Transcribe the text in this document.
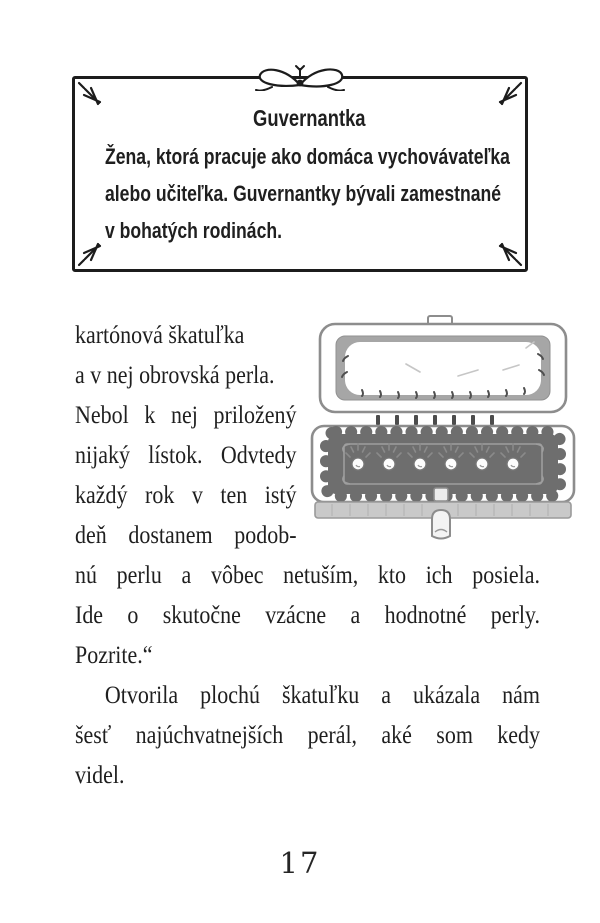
Guvernantka
Žena, ktorá pracuje ako domáca vychovávateľka
alebo učiteľka. Guvernantky bývali zamestnané
v bohatých rodinách.
kartónová škatuľka
a v nej obrovská perla.
Nebol k nej priložený
nijaký lístok. Odvtedy
každý rok v ten istý
deň dostanem podob-
nú perlu a vôbec netuším, kto ich posiela.
Ide o skutočne vzácne a hodnotné perly.
Pozrite.“
Otvorila plochú škatuľku a ukázala nám
šesť najúchvatnejších perál, aké som kedy
videl.
17
